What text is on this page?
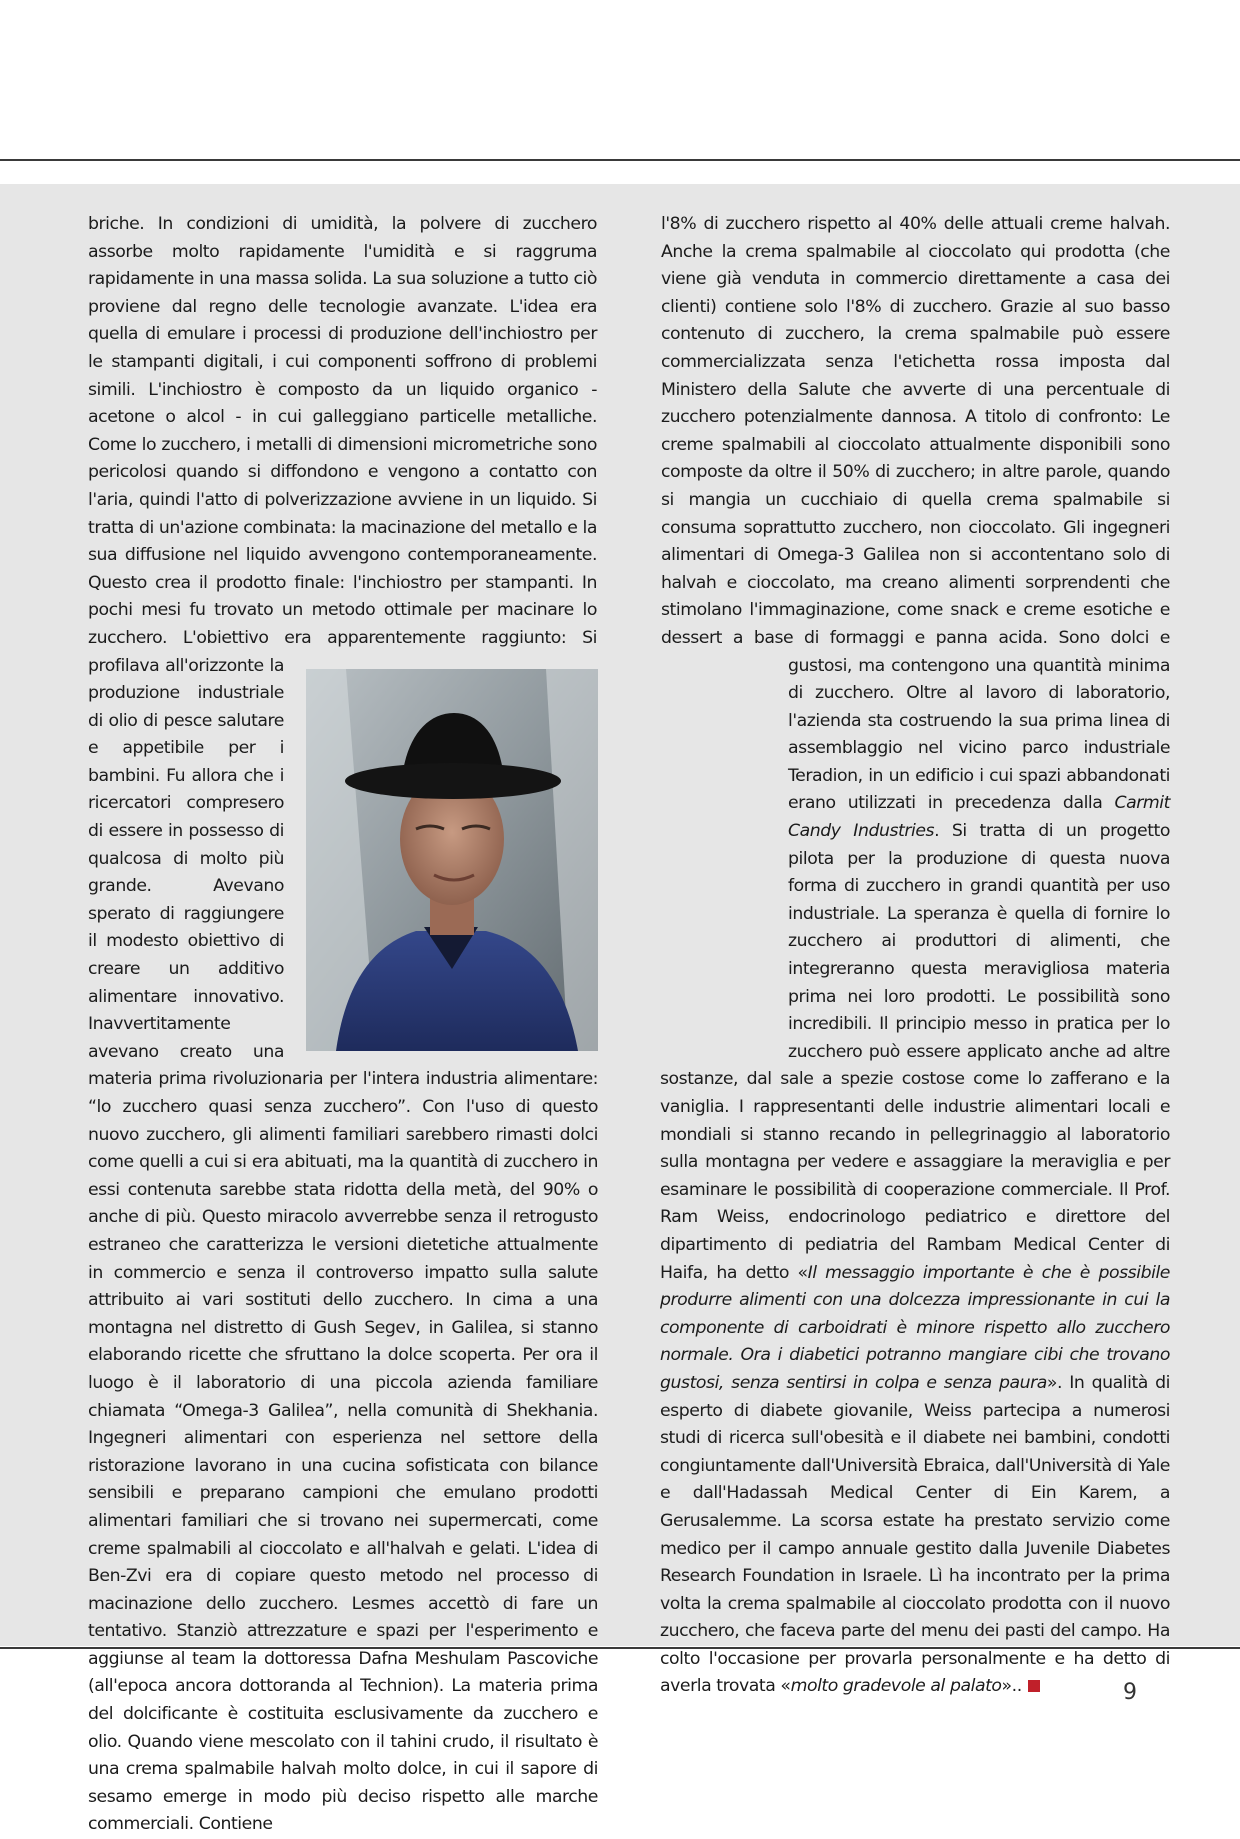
briche. In condizioni di umidità, la polvere di zucchero assorbe molto rapidamente l'umidità e si raggruma rapidamente in una massa solida. La sua soluzione a tutto ciò proviene dal regno delle tecnologie avanzate. L'idea era quella di emulare i processi di produzione dell'inchiostro per le stampanti digitali, i cui componenti soffrono di problemi simili. L'inchiostro è composto da un liquido organico - acetone o alcol - in cui galleggiano particelle metalliche. Come lo zucchero, i metalli di dimensioni micrometriche sono pericolosi quando si diffondono e vengono a contatto con l'aria, quindi l'atto di polverizzazione avviene in un liquido. Si tratta di un'azione combinata: la macinazione del metallo e la sua diffusione nel liquido avvengono contemporaneamente. Questo crea il prodotto finale: l'inchiostro per stampanti. In pochi mesi fu trovato un metodo ottimale per macinare lo zucchero. L'obiettivo era apparentemente raggiunto: Si profilava all'orizzonte la produzione industriale di olio di pesce salutare e appetibile per i bambini. Fu allora che i ricercatori compresero di essere in possesso di qualcosa di molto più grande. Avevano sperato di raggiungere il modesto obiettivo di creare un additivo alimentare innovativo. Inavvertitamente avevano creato una materia prima rivoluzionaria per l'intera industria alimentare: “lo zucchero quasi senza zucchero”. Con l'uso di questo nuovo zucchero, gli alimenti familiari sarebbero rimasti dolci come quelli a cui si era abituati, ma la quantità di zucchero in essi contenuta sarebbe stata ridotta della metà, del 90% o anche di più. Questo miracolo avverrebbe senza il retrogusto estraneo che caratterizza le versioni dietetiche attualmente in commercio e senza il controverso impatto sulla salute attribuito ai vari sostituti dello zucchero. In cima a una montagna nel distretto di Gush Segev, in Galilea, si stanno elaborando ricette che sfruttano la dolce scoperta. Per ora il luogo è il laboratorio di una piccola azienda familiare chiamata “Omega-3 Galilea”, nella comunità di Shekhania. Ingegneri alimentari con esperienza nel settore della ristorazione lavorano in una cucina sofisticata con bilance sensibili e preparano campioni che emulano prodotti alimentari familiari che si trovano nei supermercati, come creme spalmabili al cioccolato e all'halvah e gelati. L'idea di Ben-Zvi era di copiare questo metodo nel processo di macinazione dello zucchero. Lesmes accettò di fare un tentativo. Stanziò attrezzature e spazi per l'esperimento e aggiunse al team la dottoressa Dafna Meshulam Pascoviche (all'epoca ancora dottoranda al Technion). La materia prima del dolcificante è costituita esclusivamente da zucchero e olio. Quando viene mescolato con il tahini crudo, il risultato è una crema spalmabile halvah molto dolce, in cui il sapore di sesamo emerge in modo più deciso rispetto alle marche commerciali. Contiene

l'8% di zucchero rispetto al 40% delle attuali creme halvah. Anche la crema spalmabile al cioccolato qui prodotta (che viene già venduta in commercio direttamente a casa dei clienti) contiene solo l'8% di zucchero. Grazie al suo basso contenuto di zucchero, la crema spalmabile può essere commercializzata senza l'etichetta rossa imposta dal Ministero della Salute che avverte di una percentuale di zucchero potenzialmente dannosa. A titolo di confronto: Le creme spalmabili al cioccolato attualmente disponibili sono composte da oltre il 50% di zucchero; in altre parole, quando si mangia un cucchiaio di quella crema spalmabile si consuma soprattutto zucchero, non cioccolato. Gli ingegneri alimentari di Omega-3 Galilea non si accontentano solo di halvah e cioccolato, ma creano alimenti sorprendenti che stimolano l'immaginazione, come snack e creme esotiche e dessert a base di formaggi e panna acida. Sono dolci e gustosi, ma contengono una quantità minima di zucchero. Oltre al lavoro di laboratorio, l'azienda sta costruendo la sua prima linea di assemblaggio nel vicino parco industriale Teradion, in un edificio i cui spazi abbandonati erano utilizzati in precedenza dalla Carmit Candy Industries. Si tratta di un progetto pilota per la produzione di questa nuova forma di zucchero in grandi quantità per uso industriale. La speranza è quella di fornire lo zucchero ai produttori di alimenti, che integreranno questa meravigliosa materia prima nei loro prodotti. Le possibilità sono incredibili. Il principio messo in pratica per lo zucchero può essere applicato anche ad altre sostanze, dal sale a spezie costose come lo zafferano e la vaniglia. I rappresentanti delle industrie alimentari locali e mondiali si stanno recando in pellegrinaggio al laboratorio sulla montagna per vedere e assaggiare la meraviglia e per esaminare le possibilità di cooperazione commerciale. Il Prof. Ram Weiss, endocrinologo pediatrico e direttore del dipartimento di pediatria del Rambam Medical Center di Haifa, ha detto «Il messaggio importante è che è possibile produrre alimenti con una dolcezza impressionante in cui la componente di carboidrati è minore rispetto allo zucchero normale. Ora i diabetici potranno mangiare cibi che trovano gustosi, senza sentirsi in colpa e senza paura». In qualità di esperto di diabete giovanile, Weiss partecipa a numerosi studi di ricerca sull'obesità e il diabete nei bambini, condotti congiuntamente dall'Università Ebraica, dall'Università di Yale e dall'Hadassah Medical Center di Ein Karem, a Gerusalemme. La scorsa estate ha prestato servizio come medico per il campo annuale gestito dalla Juvenile Diabetes Research Foundation in Israele. Lì ha incontrato per la prima volta la crema spalmabile al cioccolato prodotta con il nuovo zucchero, che faceva parte del menu dei pasti del campo. Ha colto l'occasione per provarla personalmente e ha detto di averla trovata «molto gradevole al palato»..	9
